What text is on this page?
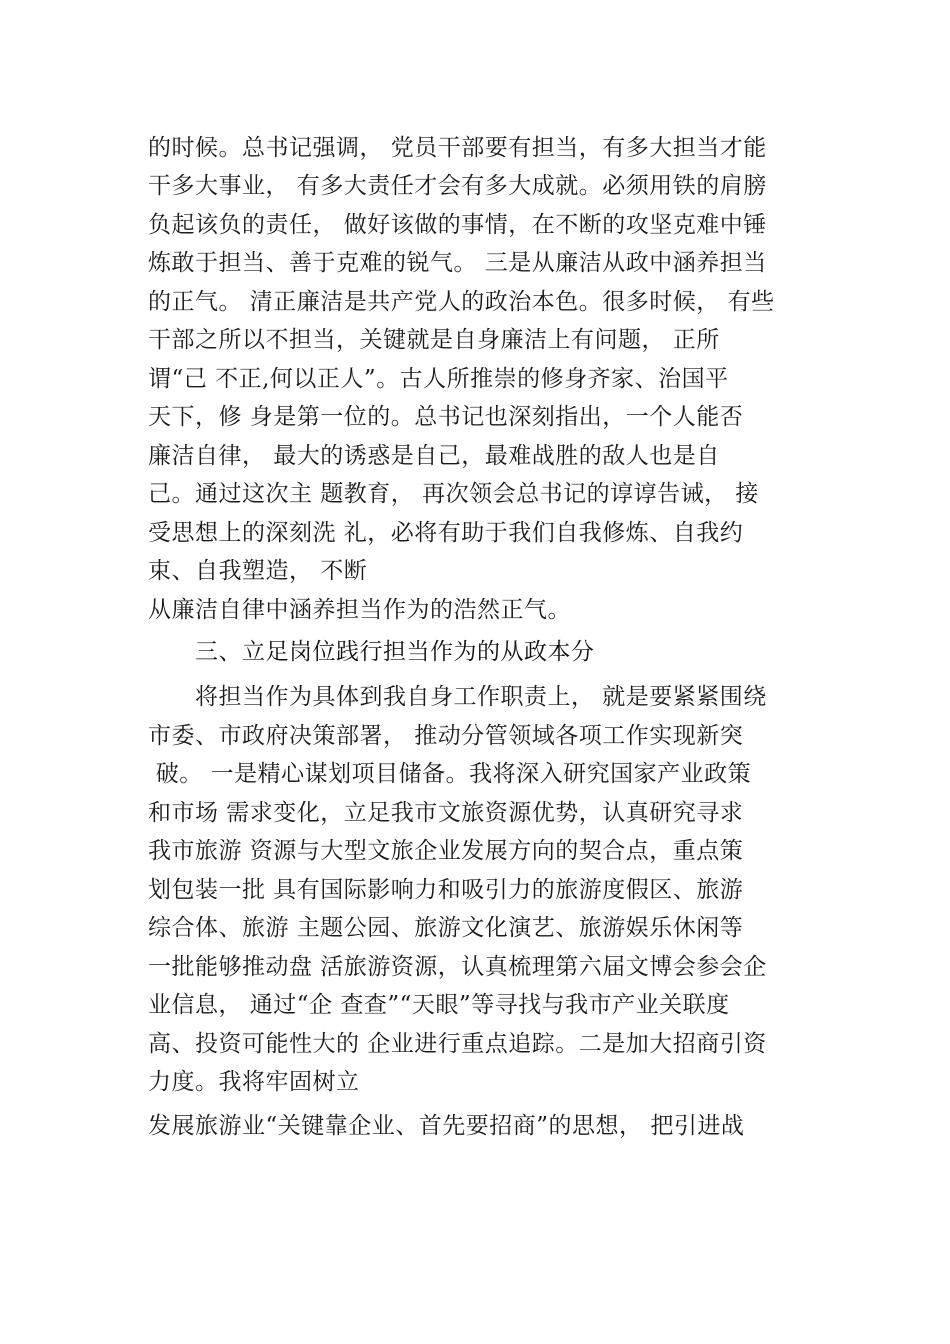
的时候。总书记强调， 党员干部要有担当，有多大担当才能
干多大事业， 有多大责任才会有多大成就。必须用铁的肩膀
负起该负的责任， 做好该做的事情，在不断的攻坚克难中锤
炼敢于担当、善于克难的锐气。 三是从廉洁从政中涵养担当
的正气。 清正廉洁是共产党人的政治本色。很多时候， 有些
干部之所以不担当，关键就是自身廉洁上有问题， 正所
谓“己 不正,何以正人”。古人所推崇的修身齐家、治国平
天下，修 身是第一位的。总书记也深刻指出，一个人能否
廉洁自律， 最大的诱惑是自己，最难战胜的敌人也是自
己。通过这次主 题教育， 再次领会总书记的谆谆告诫， 接
受思想上的深刻洗 礼，必将有助于我们自我修炼、自我约
束、自我塑造， 不断
从廉洁自律中涵养担当作为的浩然正气。
三、立足岗位践行担当作为的从政本分
将担当作为具体到我自身工作职责上， 就是要紧紧围绕
市委、市政府决策部署， 推动分管领域各项工作实现新突
破。 一是精心谋划项目储备。我将深入研究国家产业政策
和市场 需求变化，立足我市文旅资源优势，认真研究寻求
我市旅游 资源与大型文旅企业发展方向的契合点，重点策
划包装一批 具有国际影响力和吸引力的旅游度假区、旅游
综合体、旅游 主题公园、旅游文化演艺、旅游娱乐休闲等
一批能够推动盘 活旅游资源，认真梳理第六届文博会参会企
业信息， 通过“企 查查”“天眼”等寻找与我市产业关联度
高、投资可能性大的 企业进行重点追踪。二是加大招商引资
力度。我将牢固树立
发展旅游业“关键靠企业、首先要招商”的思想， 把引进战
